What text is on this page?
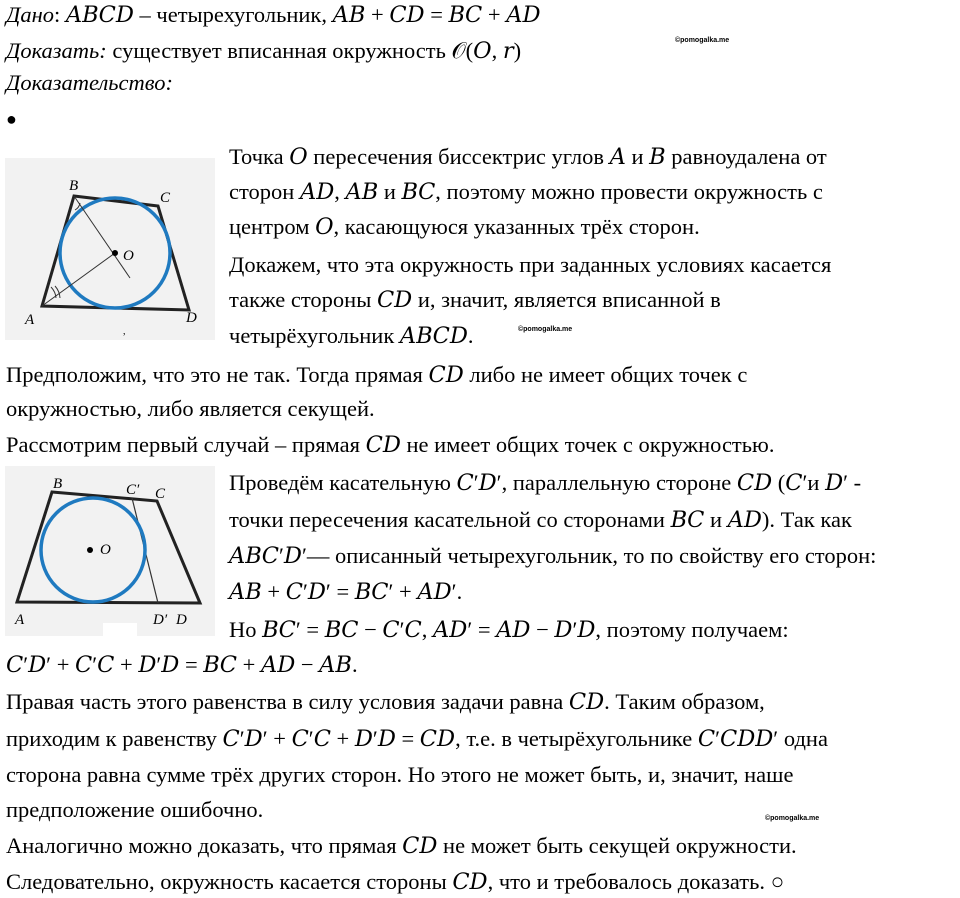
Дано: 𝐴𝐵𝐶𝐷 – четырехугольник, 𝐴𝐵 + 𝐶𝐷 = 𝐵𝐶 + 𝐴𝐷
Доказать: существует вписанная окружность 𝒪(𝑂, 𝑟)
Доказательство:
●
©pomogalka.me
©pomogalka.me
©pomogalka.me
B
C
O
A	D
,
Точка 𝑂 пересечения биссектрис углов 𝐴 и 𝐵 равноудалена от
сторон 𝐴𝐷, 𝐴𝐵 и 𝐵𝐶, поэтому можно провести окружность с
центром 𝑂, касающуюся указанных трёх сторон.
Докажем, что эта окружность при заданных условиях касается
также стороны 𝐶𝐷 и, значит, является вписанной в
четырёхугольник 𝐴𝐵𝐶𝐷.
Предположим, что это не так. Тогда прямая 𝐶𝐷 либо не имеет общих точек с
окружностью, либо является секущей.
Рассмотрим первый случай – прямая 𝐶𝐷 не имеет общих точек с окружностью.
B	C′ C
O
A	D′ D
Проведём касательную 𝐶′𝐷′, параллельную стороне 𝐶𝐷 (𝐶′и 𝐷′ -
точки пересечения касательной со сторонами 𝐵𝐶 и 𝐴𝐷). Так как
𝐴𝐵𝐶′𝐷′— описанный четырехугольник, то по свойству его сторон:
𝐴𝐵 + 𝐶′𝐷′ = 𝐵𝐶′ + 𝐴𝐷′.
Но 𝐵𝐶′ = 𝐵𝐶 − 𝐶′𝐶, 𝐴𝐷′ = 𝐴𝐷 − 𝐷′𝐷, поэтому получаем:
𝐶′𝐷′ + 𝐶′𝐶 + 𝐷′𝐷 = 𝐵𝐶 + 𝐴𝐷 − 𝐴𝐵.
Правая часть этого равенства в силу условия задачи равна 𝐶𝐷. Таким образом,
приходим к равенству 𝐶′𝐷′ + 𝐶′𝐶 + 𝐷′𝐷 = 𝐶𝐷, т.е. в четырёхугольнике 𝐶′𝐶𝐷𝐷′ одна
сторона равна сумме трёх других сторон. Но этого не может быть, и, значит, наше
предположение ошибочно.
Аналогично можно доказать, что прямая 𝐶𝐷 не может быть секущей окружности.
Следовательно, окружность касается стороны 𝐶𝐷, что и требовалось доказать. ○
